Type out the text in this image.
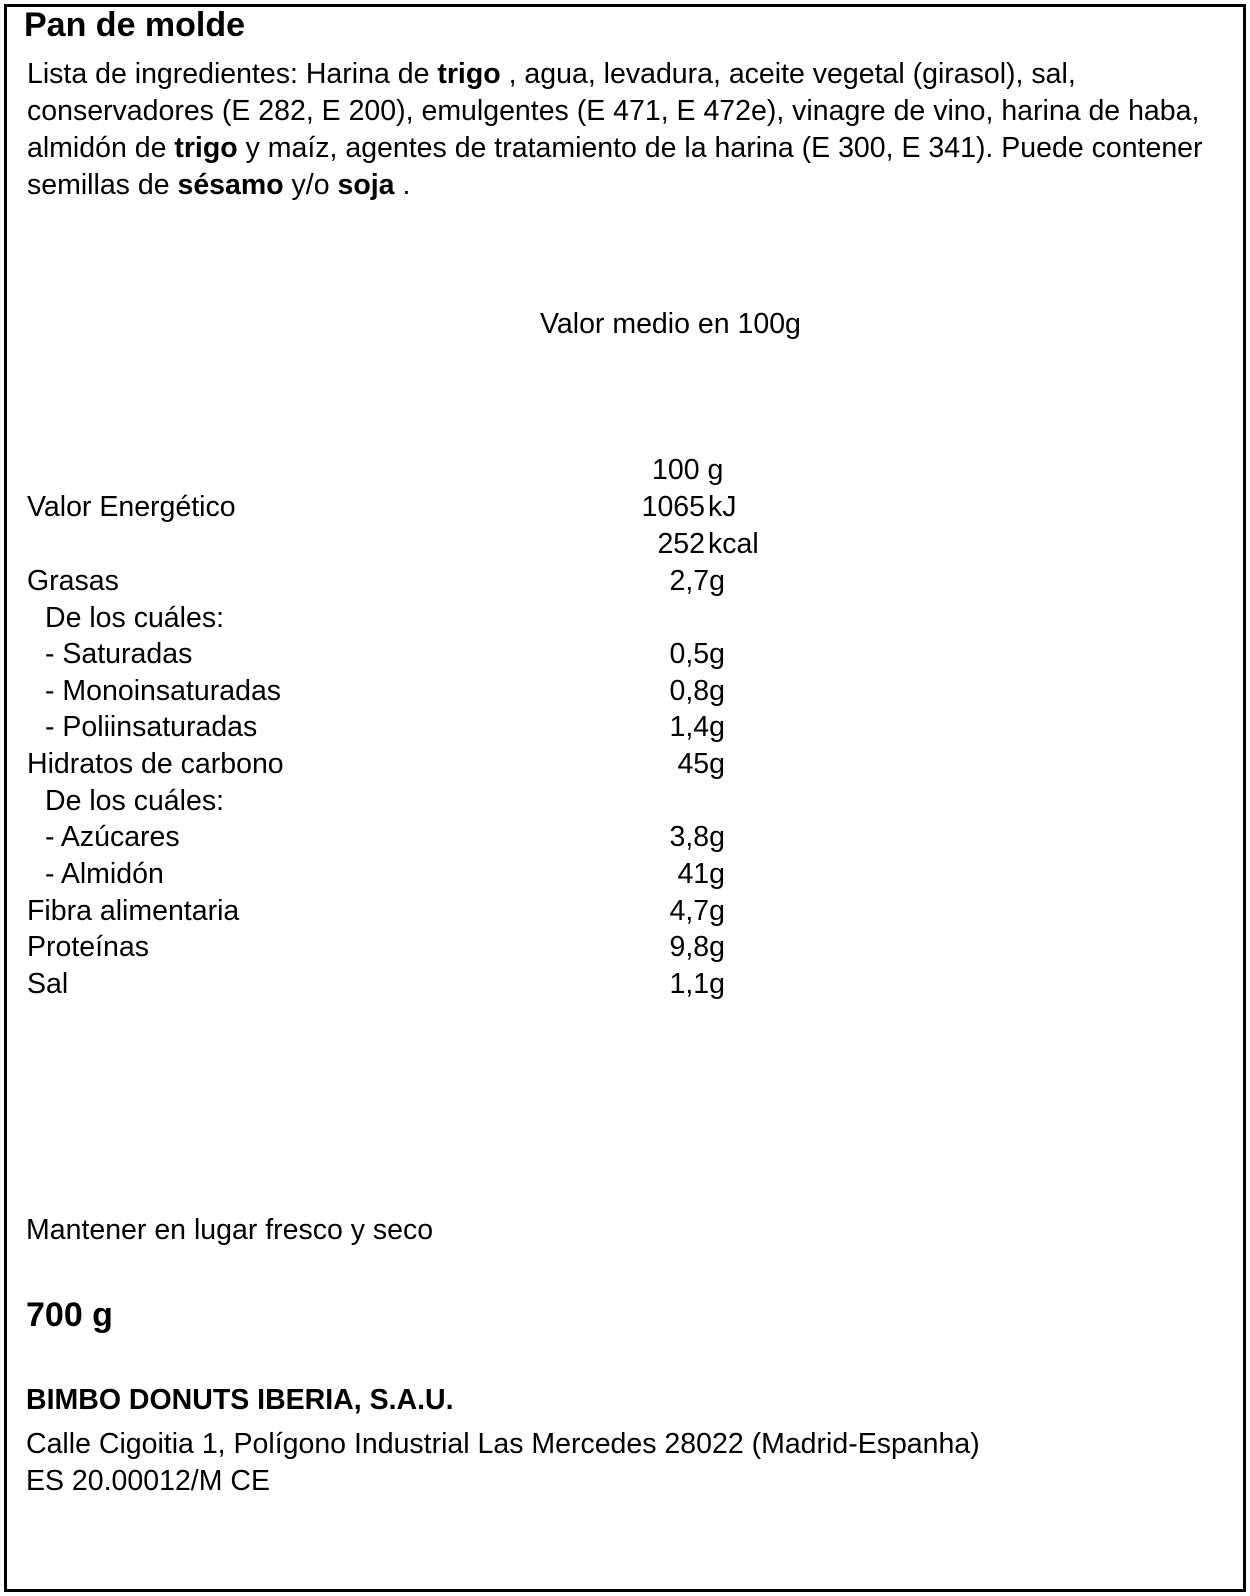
Pan de molde
Lista de ingredientes: Harina de trigo , agua, levadura, aceite vegetal (girasol), sal, conservadores (E 282, E 200), emulgentes (E 471, E 472e), vinagre de vino, harina de haba, almidón de trigo y maíz, agentes de tratamiento de la harina (E 300, E 341). Puede contener semillas de sésamo y/o soja .
Valor medio en 100g
100 g
Valor Energético	1065 kJ
252 kcal
Grasas	2,7g
De los cuáles:
- Saturadas	0,5g
- Monoinsaturadas	0,8g
- Poliinsaturadas	1,4g
Hidratos de carbono	45g
De los cuáles:
- Azúcares	3,8g
- Almidón	41g
Fibra alimentaria	4,7g
Proteínas	9,8g
Sal	1,1g
Mantener en lugar fresco y seco
700 g
BIMBO DONUTS IBERIA, S.A.U.
Calle Cigoitia 1, Polígono Industrial Las Mercedes 28022 (Madrid-Espanha)
ES 20.00012/M CE
